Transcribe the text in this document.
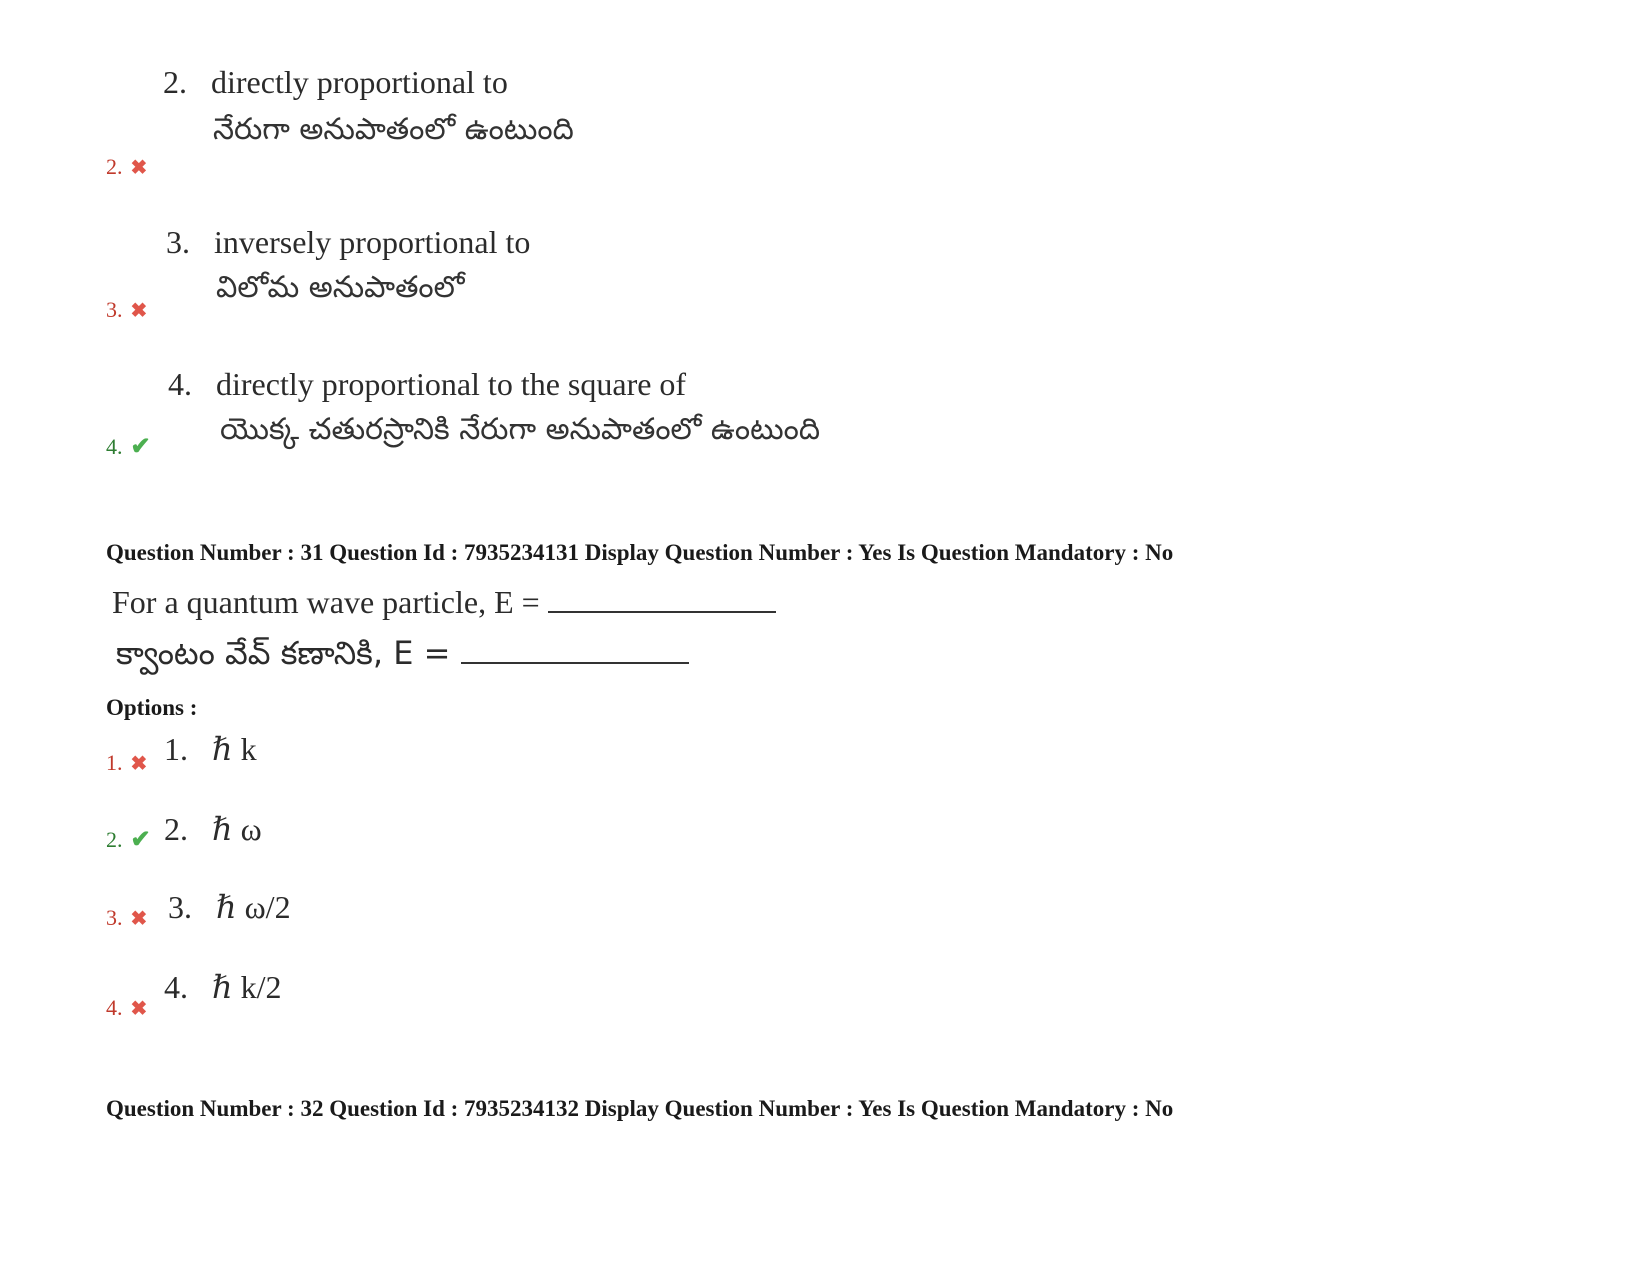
2. directly proportional to
నేరుగా అనుపాతంలో ఉంటుంది
2. ✖
3. inversely proportional to
విలోమ అనుపాతంలో
3. ✖
4. directly proportional to the square of
యొక్క చతురస్రానికి నేరుగా అనుపాతంలో ఉంటుంది
4. ✔
Question Number : 31 Question Id : 7935234131 Display Question Number : Yes Is Question Mandatory : No
For a quantum wave particle, E =
క్వాంటం వేవ్ కణానికి, E =
Options :
1. ✖ 1. ℏ k
2. ✔ 2. ℏ ω
3. ✖ 3. ℏ ω/2
4. ✖
4. ℏ k/2
Question Number : 32 Question Id : 7935234132 Display Question Number : Yes Is Question Mandatory : No
